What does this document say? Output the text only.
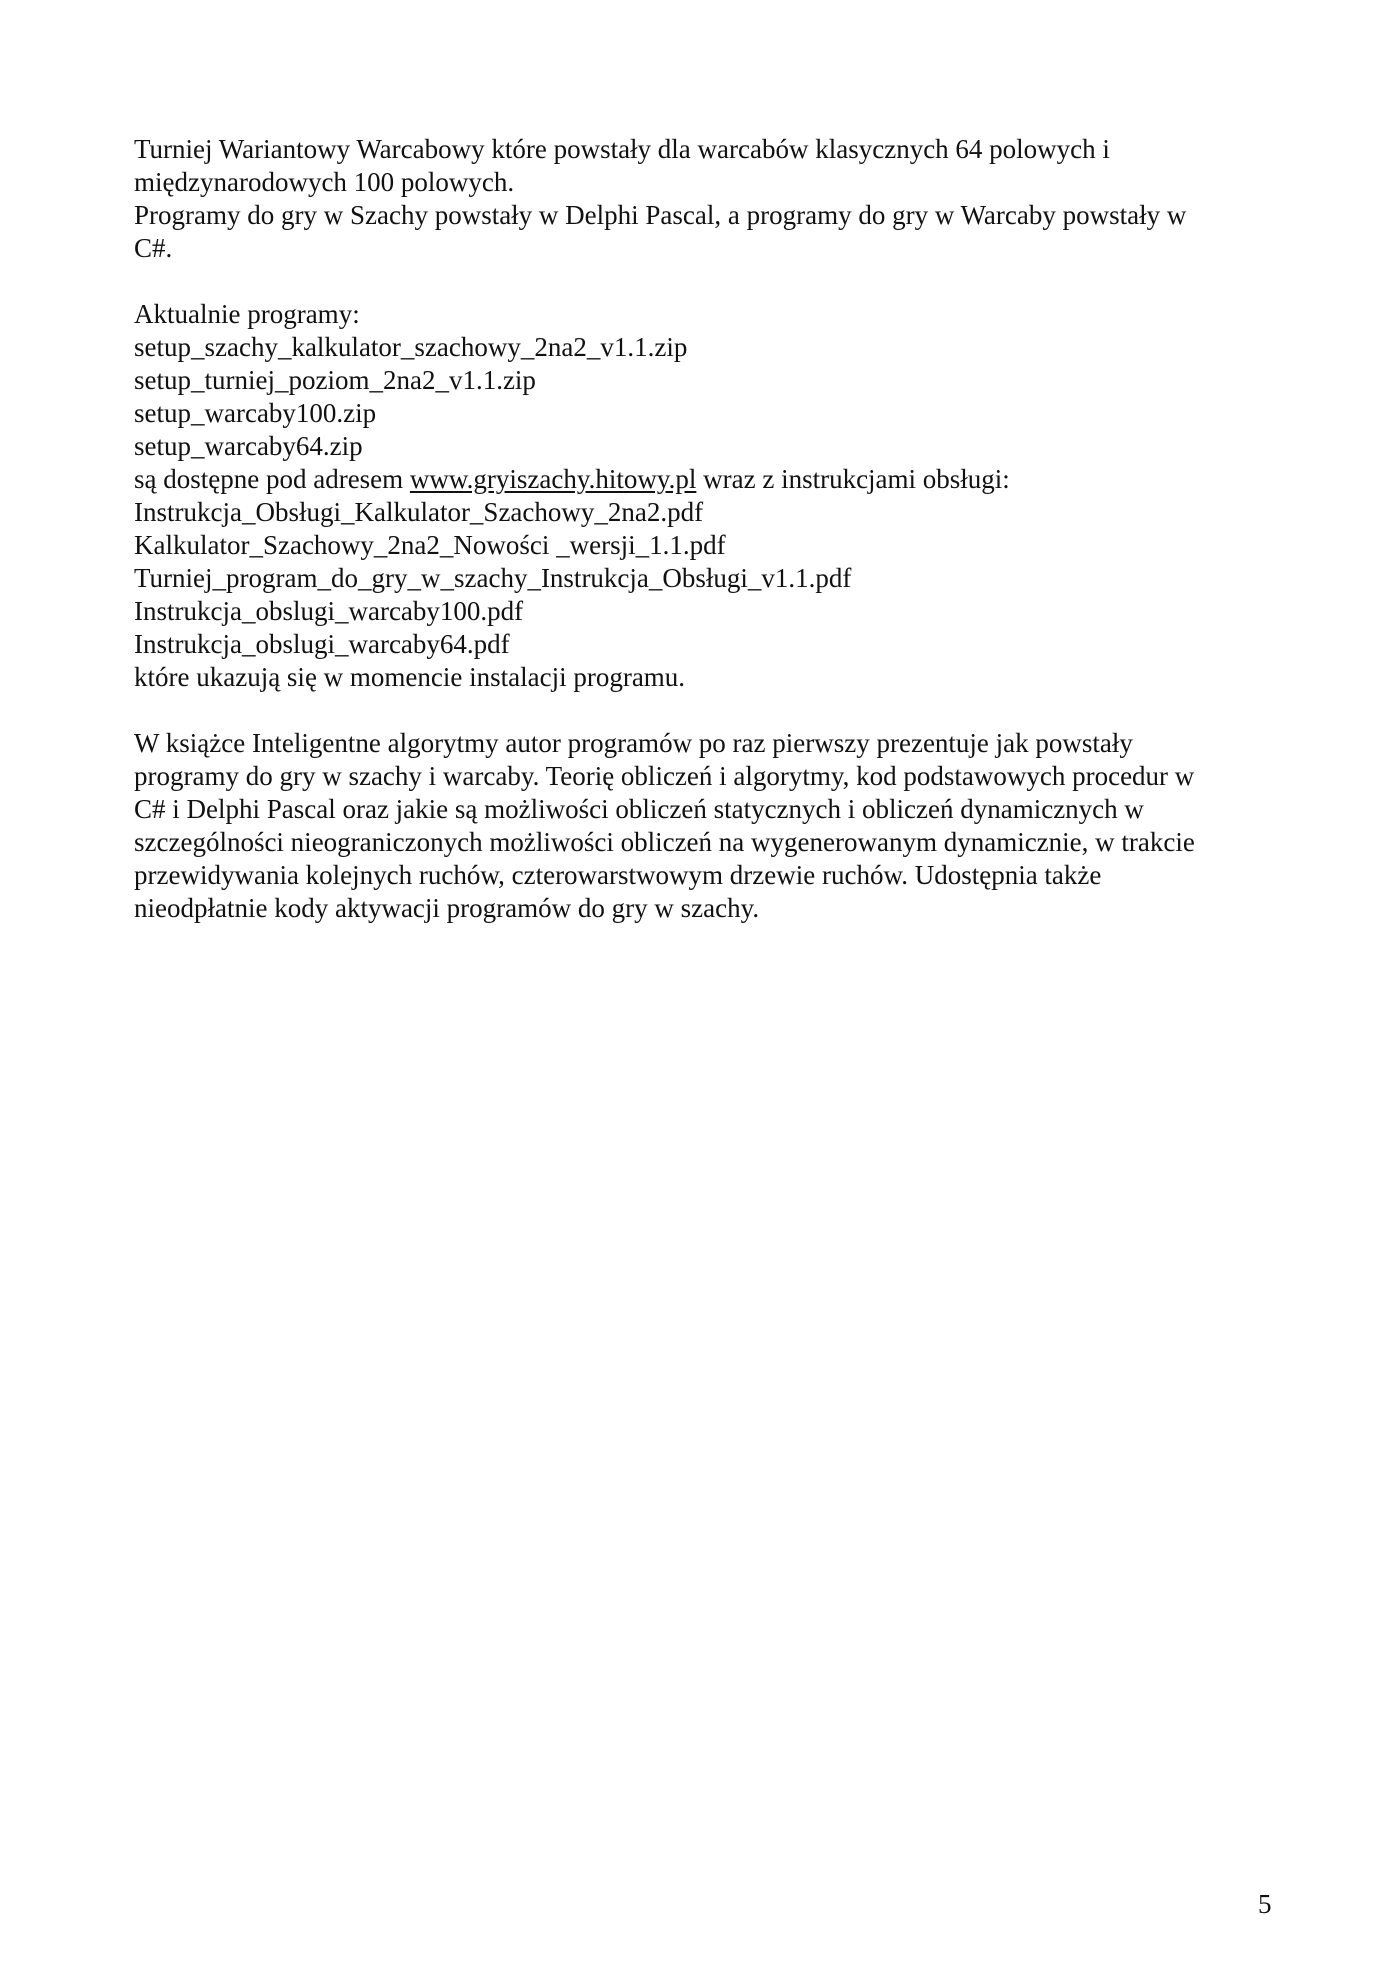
Turniej Wariantowy Warcabowy które powstały dla warcabów klasycznych 64 polowych i
międzynarodowych 100 polowych.
Programy do gry w Szachy powstały w Delphi Pascal, a programy do gry w Warcaby powstały w
C#.

Aktualnie programy:
setup_szachy_kalkulator_szachowy_2na2_v1.1.zip
setup_turniej_poziom_2na2_v1.1.zip
setup_warcaby100.zip
setup_warcaby64.zip
są dostępne pod adresem www.gryiszachy.hitowy.pl wraz z instrukcjami obsługi:
Instrukcja_Obsługi_Kalkulator_Szachowy_2na2.pdf
Kalkulator_Szachowy_2na2_Nowości _wersji_1.1.pdf
Turniej_program_do_gry_w_szachy_Instrukcja_Obsługi_v1.1.pdf
Instrukcja_obslugi_warcaby100.pdf
Instrukcja_obslugi_warcaby64.pdf
które ukazują się w momencie instalacji programu.

W książce Inteligentne algorytmy autor programów po raz pierwszy prezentuje jak powstały
programy do gry w szachy i warcaby. Teorię obliczeń i algorytmy, kod podstawowych procedur w
C# i Delphi Pascal oraz jakie są możliwości obliczeń statycznych i obliczeń dynamicznych w
szczególności nieograniczonych możliwości obliczeń na wygenerowanym dynamicznie, w trakcie
przewidywania kolejnych ruchów, czterowarstwowym drzewie ruchów. Udostępnia także
nieodpłatnie kody aktywacji programów do gry w szachy.

5
